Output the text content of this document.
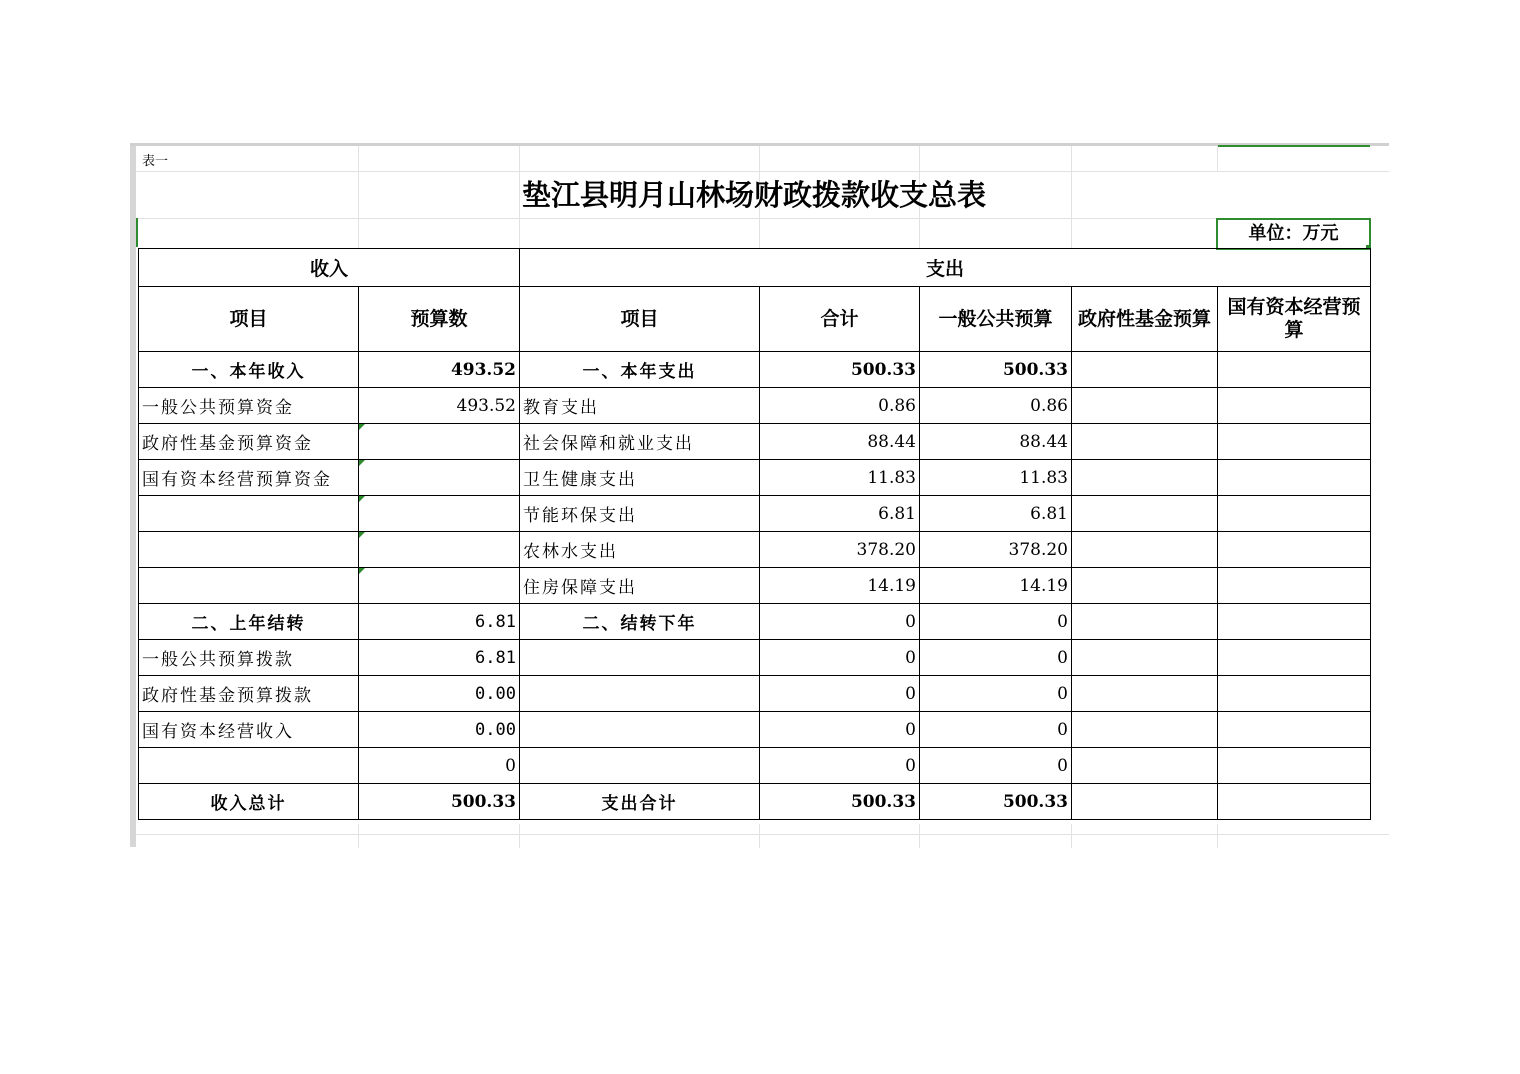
表一
垫江县明月山林场财政拨款收支总表
单位：万元
收入		支出				
项目	预算数	项目	合计	一般公共预算	政府性基金预算	国有资本经营预算
一、本年收入	493.52	一、本年支出	500.33	500.33		
一般公共预算资金	493.52	教育支出	0.86	0.86		
政府性基金预算资金		社会保障和就业支出	88.44	88.44		
国有资本经营预算资金		卫生健康支出	11.83	11.83		
		节能环保支出	6.81	6.81		
		农林水支出	378.20	378.20		
		住房保障支出	14.19	14.19		
二、上年结转	6.81	二、结转下年	0	0		
一般公共预算拨款	6.81		0	0		
政府性基金预算拨款	0.00		0	0		
国有资本经营收入	0.00		0	0		
	0		0	0		
收入总计	500.33	支出合计	500.33	500.33		
